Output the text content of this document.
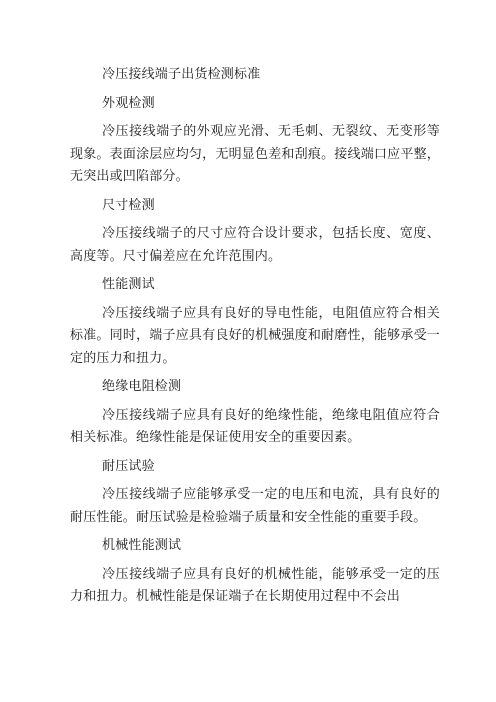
冷压接线端子出货检测标准

外观检测

冷压接线端子的外观应光滑、无毛刺、无裂纹、无变形等现象。表面涂层应均匀，无明显色差和刮痕。接线端口应平整，无突出或凹陷部分。

尺寸检测

冷压接线端子的尺寸应符合设计要求，包括长度、宽度、高度等。尺寸偏差应在允许范围内。

性能测试

冷压接线端子应具有良好的导电性能，电阻值应符合相关标准。同时，端子应具有良好的机械强度和耐磨性，能够承受一定的压力和扭力。

绝缘电阻检测

冷压接线端子应具有良好的绝缘性能，绝缘电阻值应符合相关标准。绝缘性能是保证使用安全的重要因素。

耐压试验

冷压接线端子应能够承受一定的电压和电流，具有良好的耐压性能。耐压试验是检验端子质量和安全性能的重要手段。

机械性能测试

冷压接线端子应具有良好的机械性能，能够承受一定的压力和扭力。机械性能是保证端子在长期使用过程中不会出
